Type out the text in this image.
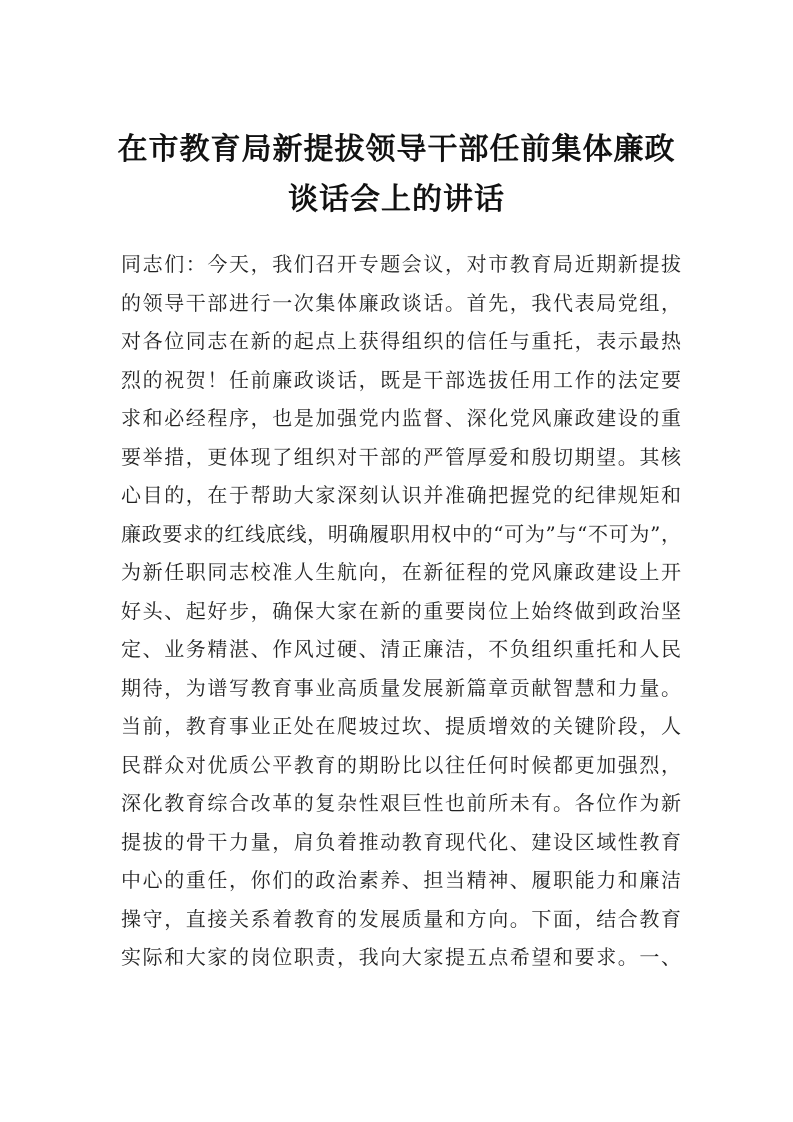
在市教育局新提拔领导干部任前集体廉政
谈话会上的讲话
同志们：今天，我们召开专题会议，对市教育局近期新提拔
的领导干部进行一次集体廉政谈话。首先，我代表局党组，
对各位同志在新的起点上获得组织的信任与重托，表示最热
烈的祝贺！任前廉政谈话，既是干部选拔任用工作的法定要
求和必经程序，也是加强党内监督、深化党风廉政建设的重
要举措，更体现了组织对干部的严管厚爱和殷切期望。其核
心目的，在于帮助大家深刻认识并准确把握党的纪律规矩和
廉政要求的红线底线，明确履职用权中的“可为”与“不可为”，
为新任职同志校准人生航向，在新征程的党风廉政建设上开
好头、起好步，确保大家在新的重要岗位上始终做到政治坚
定、业务精湛、作风过硬、清正廉洁，不负组织重托和人民
期待，为谱写教育事业高质量发展新篇章贡献智慧和力量。
当前，教育事业正处在爬坡过坎、提质增效的关键阶段，人
民群众对优质公平教育的期盼比以往任何时候都更加强烈，
深化教育综合改革的复杂性艰巨性也前所未有。各位作为新
提拔的骨干力量，肩负着推动教育现代化、建设区域性教育
中心的重任，你们的政治素养、担当精神、履职能力和廉洁
操守，直接关系着教育的发展质量和方向。下面，结合教育
实际和大家的岗位职责，我向大家提五点希望和要求。一、
